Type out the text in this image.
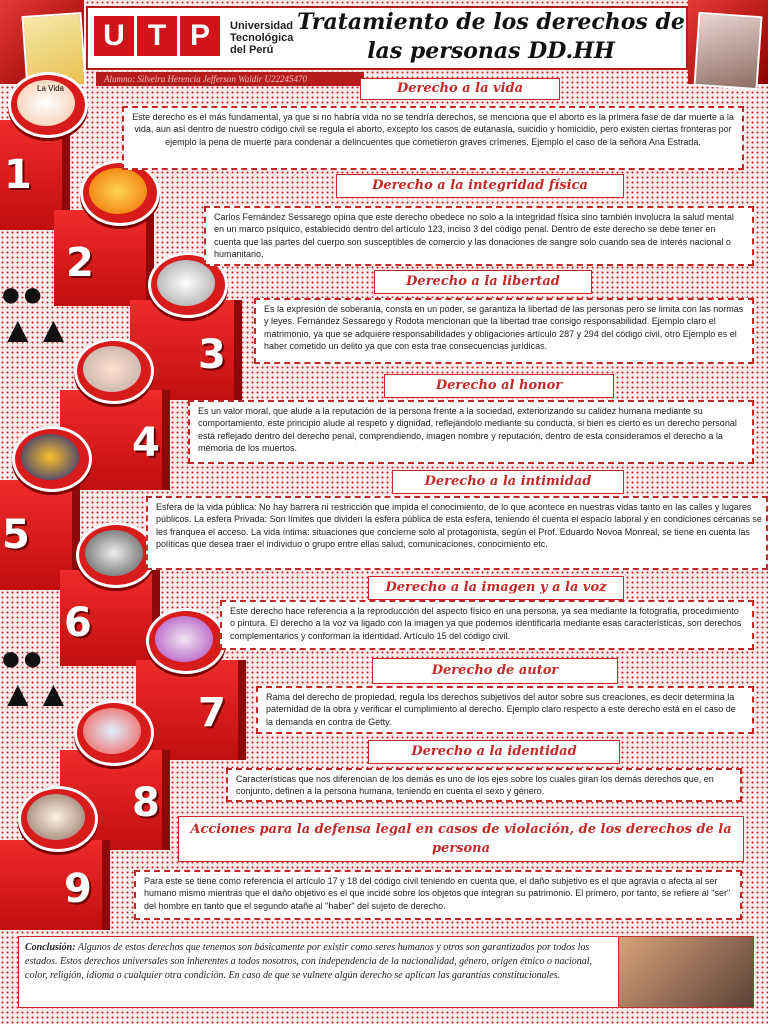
U T P	Universidad
Tecnológica
del Perú
Tratamiento de los derechos de las personas DD.HH
Alumno: Silveira Herencia Jefferson Waldir U22245470
1
2
3
4
5
6
7
8
9
La Vida
●●
▲▲
●●
▲▲
Derecho a la vida
Este derecho es el más fundamental, ya que si no habría vida no se tendría derechos, se menciona que el aborto es la primera fase de dar muerte a la vida, aun así dentro de nuestro código civil se regula el aborto, excepto los casos de eutanasia, suicidio y homicidio, pero existen ciertas fronteras por ejemplo la pena de muerte para condenar a delincuentes que cometieron graves crímenes. Ejemplo el caso de la señora Ana Estrada.
Derecho a la integridad física
Carlos Fernández Sessarego opina que este derecho obedece no solo a la integridad física sino también involucra la salud mental en un marco psíquico, establecido dentro del artículo 123, inciso 3 del código penal. Dentro de este derecho se debe tener en cuenta que las partes del cuerpo son susceptibles de comercio y las donaciones de sangre solo cuando sea de interés nacional o humanitario.
Derecho a la libertad
Es la expresión de soberanía, consta en un poder, se garantiza la libertad de las personas pero se limita con las normas y leyes. Fernández Sessarego y Rodota mencionan que la libertad trae consigo responsabilidad. Ejemplo claro el matrimonio, ya que se adquiere responsabilidades y obligaciones artículo 287 y 294 del código civil, otro Ejemplo es el haber cometido un delito ya que con esta trae consecuencias jurídicas.
Derecho al honor
Es un valor moral, que alude a la reputación de la persona frente a la sociedad, exteriorizando su calidez humana mediante su comportamiento, este principio alude al respeto y dignidad, reflejándolo mediante su conducta, si bien es cierto es un derecho personal está reflejado dentro del derecho penal, comprendiendo, imagen nombre y reputación, dentro de esta consideramos el derecho a la memoria de los muertos.
Derecho a la intimidad
Esfera de la vida pública: No hay barrera ni restricción que impida el conocimiento, de lo que acontece en nuestras vidas tanto en las calles y lugares públicos. La esfera Privada: Son límites que dividen la esfera pública de esta esfera, teniendo él cuenta el espacio laboral y en condiciones cercanas se les franquea el acceso. La vida íntima: situaciones que concierne solo al protagonista, según el Prof. Eduardo Novoa Monreal, se tiene en cuenta las políticas que desea traer el individuo o grupo entre ellas salud, comunicaciones, conocimiento etc.
Derecho a la imagen y a la voz
Este derecho hace referencia a la reproducción del aspecto físico en una persona, ya sea mediante la fotografía, procedimiento o pintura. El derecho a la voz va ligado con la imagen ya que podemos identificarla mediante esas características, son derechos complementarios y conforman la identidad. Artículo 15 del código civil.
Derecho de autor
Rama del derecho de propiedad, regula los derechos subjetivos del autor sobre sus creaciones, es decir determina la paternidad de la obra y verificar el cumplimiento al derecho. Ejemplo claro respecto a este derecho está en el caso de la demanda en contra de Getty.
Derecho a la identidad
Características que nos diferencian de los demás es uno de los ejes sobre los cuales giran los demás derechos que, en conjunto, definen a la persona humana, teniendo en cuenta el sexo y género.
Acciones para la defensa legal en casos de violación, de los derechos de la persona
Para este se tiene como referencia el artículo 17 y 18 del código civil teniendo en cuenta que, el daño subjetivo es el que agravia o afecta al ser humano mismo mientras que el daño objetivo es el que incide sobre los objetos que integran su patrimonio. El primero, por tanto, se refiere al "ser" del hombre en tanto que el segundo atañe al "haber" del sujeto de derecho.
Conclusión: Algunos de estos derechos que tenemos son básicamente por existir como seres humanos y otros son garantizados por todos los estados. Estos derechos universales son inherentes a todos nosotros, con independencia de la nacionalidad, género, origen étnico o nacional, color, religión, idioma o cualquier otra condición. En caso de que se vulnere algún derecho se aplican las garantías constitucionales.
